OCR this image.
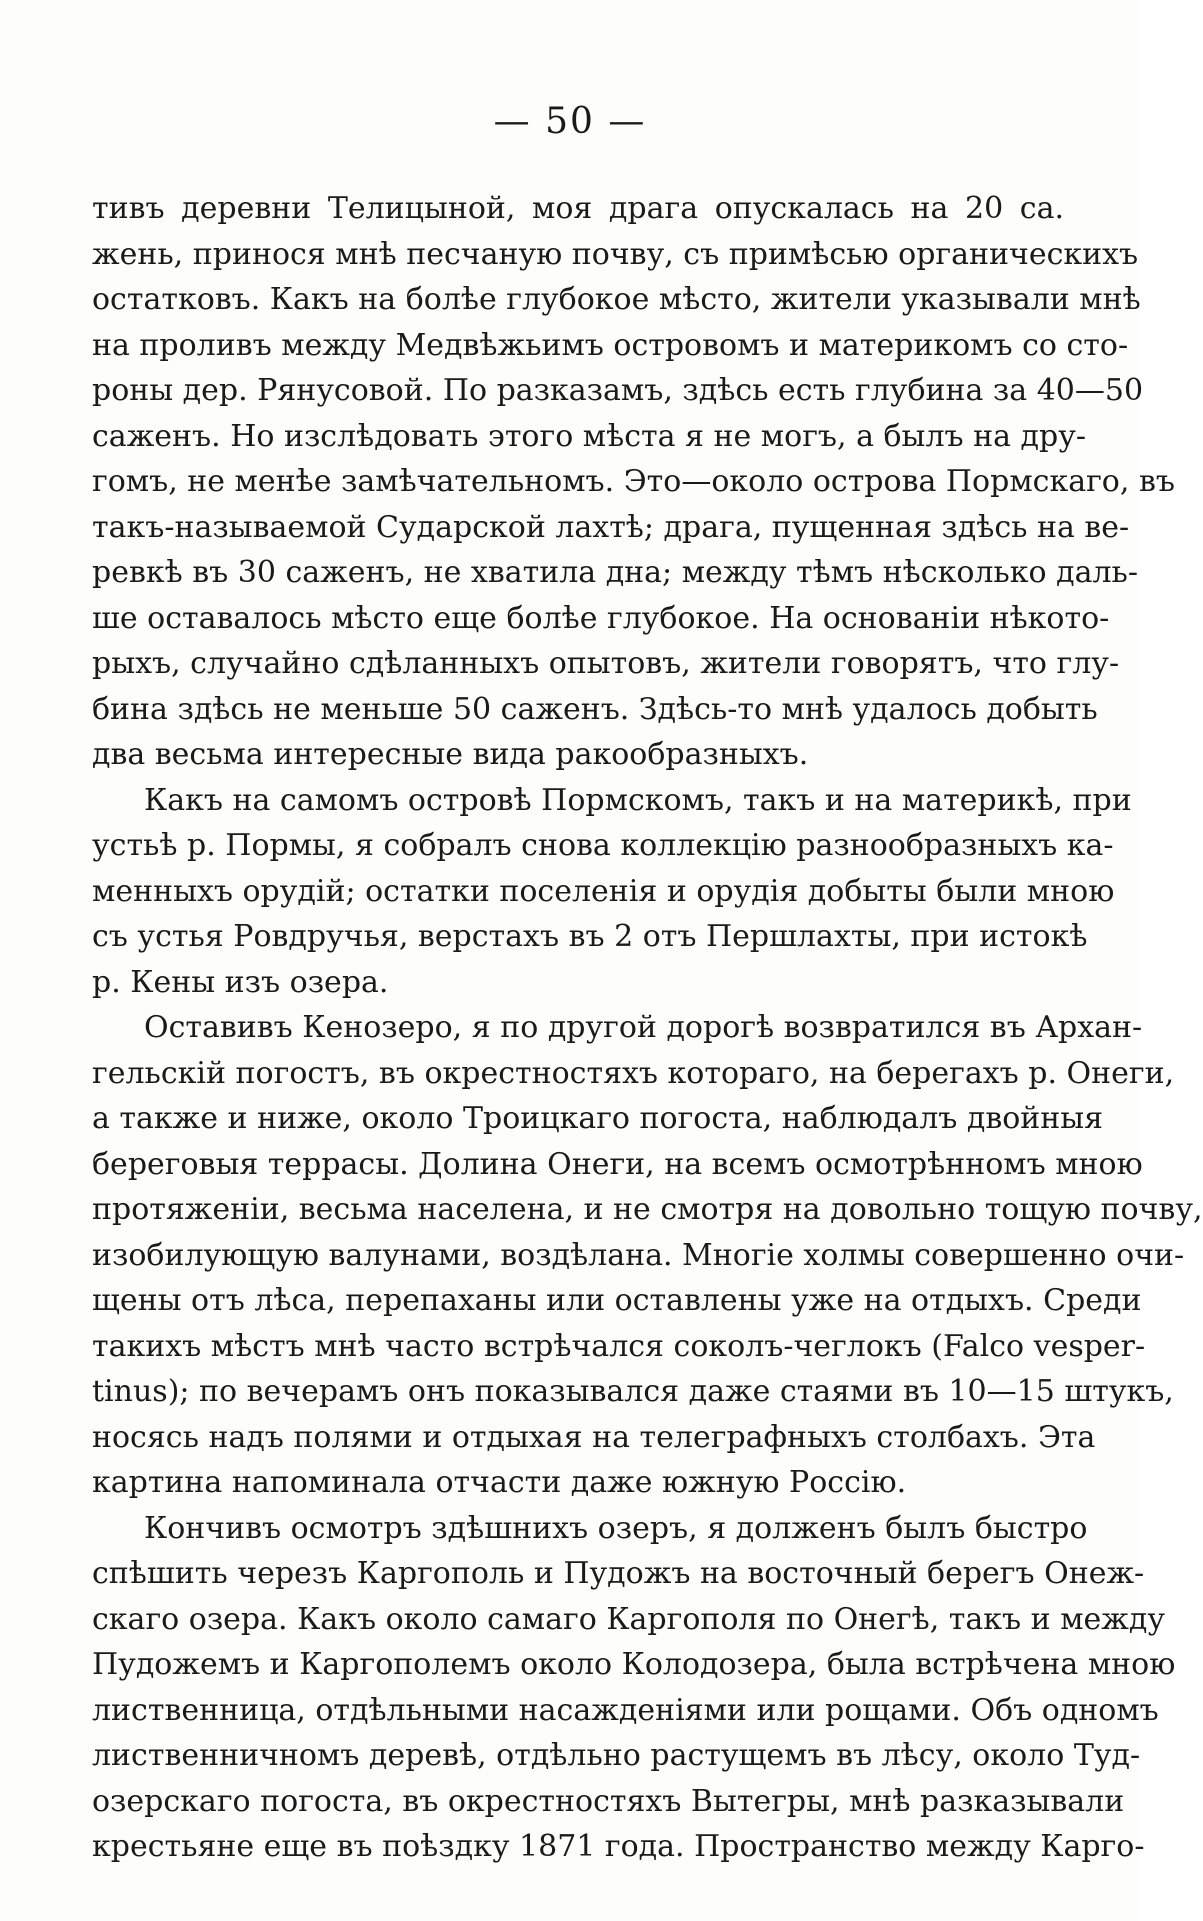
— 50 —
тивъ деревни Телицыной, моя драга опускалась на 20 са.
жень, принося мнѣ песчаную почву, съ примѣсью органическихъ
остатковъ. Какъ на болѣе глубокое мѣсто, жители указывали мнѣ
на проливъ между Медвѣжьимъ островомъ и материкомъ со сто-
роны дер. Рянусовой. По разказамъ, здѣсь есть глубина за 40—50
саженъ. Но изслѣдовать этого мѣста я не могъ, а былъ на дру-
гомъ, не менѣе замѣчательномъ. Это—около острова Пормскаго, въ
такъ-называемой Сударской лахтѣ; драга, пущенная здѣсь на ве-
ревкѣ въ 30 саженъ, не хватила дна; между тѣмъ нѣсколько даль-
ше оставалось мѣсто еще болѣе глубокое. На основаніи нѣкото-
рыхъ, случайно сдѣланныхъ опытовъ, жители говорятъ, что глу-
бина здѣсь не меньше 50 саженъ. Здѣсь-то мнѣ удалось добыть
два весьма интересные вида ракообразныхъ.
Какъ на самомъ островѣ Пормскомъ, такъ и на материкѣ, при
устьѣ р. Пормы, я собралъ снова коллекцію разнообразныхъ ка-
менныхъ орудій; остатки поселенія и орудія добыты были мною
съ устья Ровдручья, верстахъ въ 2 отъ Першлахты, при истокѣ
р. Кены изъ озера.
Оставивъ Кенозеро, я по другой дорогѣ возвратился въ Архан-
гельскій погостъ, въ окрестностяхъ котораго, на берегахъ р. Онеги,
а также и ниже, около Троицкаго погоста, наблюдалъ двойныя
береговыя террасы. Долина Онеги, на всемъ осмотрѣнномъ мною
протяженіи, весьма населена, и не смотря на довольно тощую почву,
изобилующую валунами, воздѣлана. Многіе холмы совершенно очи-
щены отъ лѣса, перепаханы или оставлены уже на отдыхъ. Среди
такихъ мѣстъ мнѣ часто встрѣчался соколъ-чеглокъ (Falco vesper-
tinus); по вечерамъ онъ показывался даже стаями въ 10—15 штукъ,
носясь надъ полями и отдыхая на телеграфныхъ столбахъ. Эта
картина напоминала отчасти даже южную Россію.
Кончивъ осмотръ здѣшнихъ озеръ, я долженъ былъ быстро
спѣшить черезъ Каргополь и Пудожъ на восточный берегъ Онеж-
скаго озера. Какъ около самаго Каргополя по Онегѣ, такъ и между
Пудожемъ и Каргополемъ около Колодозера, была встрѣчена мною
лиственница, отдѣльными насажденіями или рощами. Объ одномъ
лиственничномъ деревѣ, отдѣльно растущемъ въ лѣсу, около Туд-
озерскаго погоста, въ окрестностяхъ Вытегры, мнѣ разказывали
крестьяне еще въ поѣздку 1871 года. Пространство между Карго-
